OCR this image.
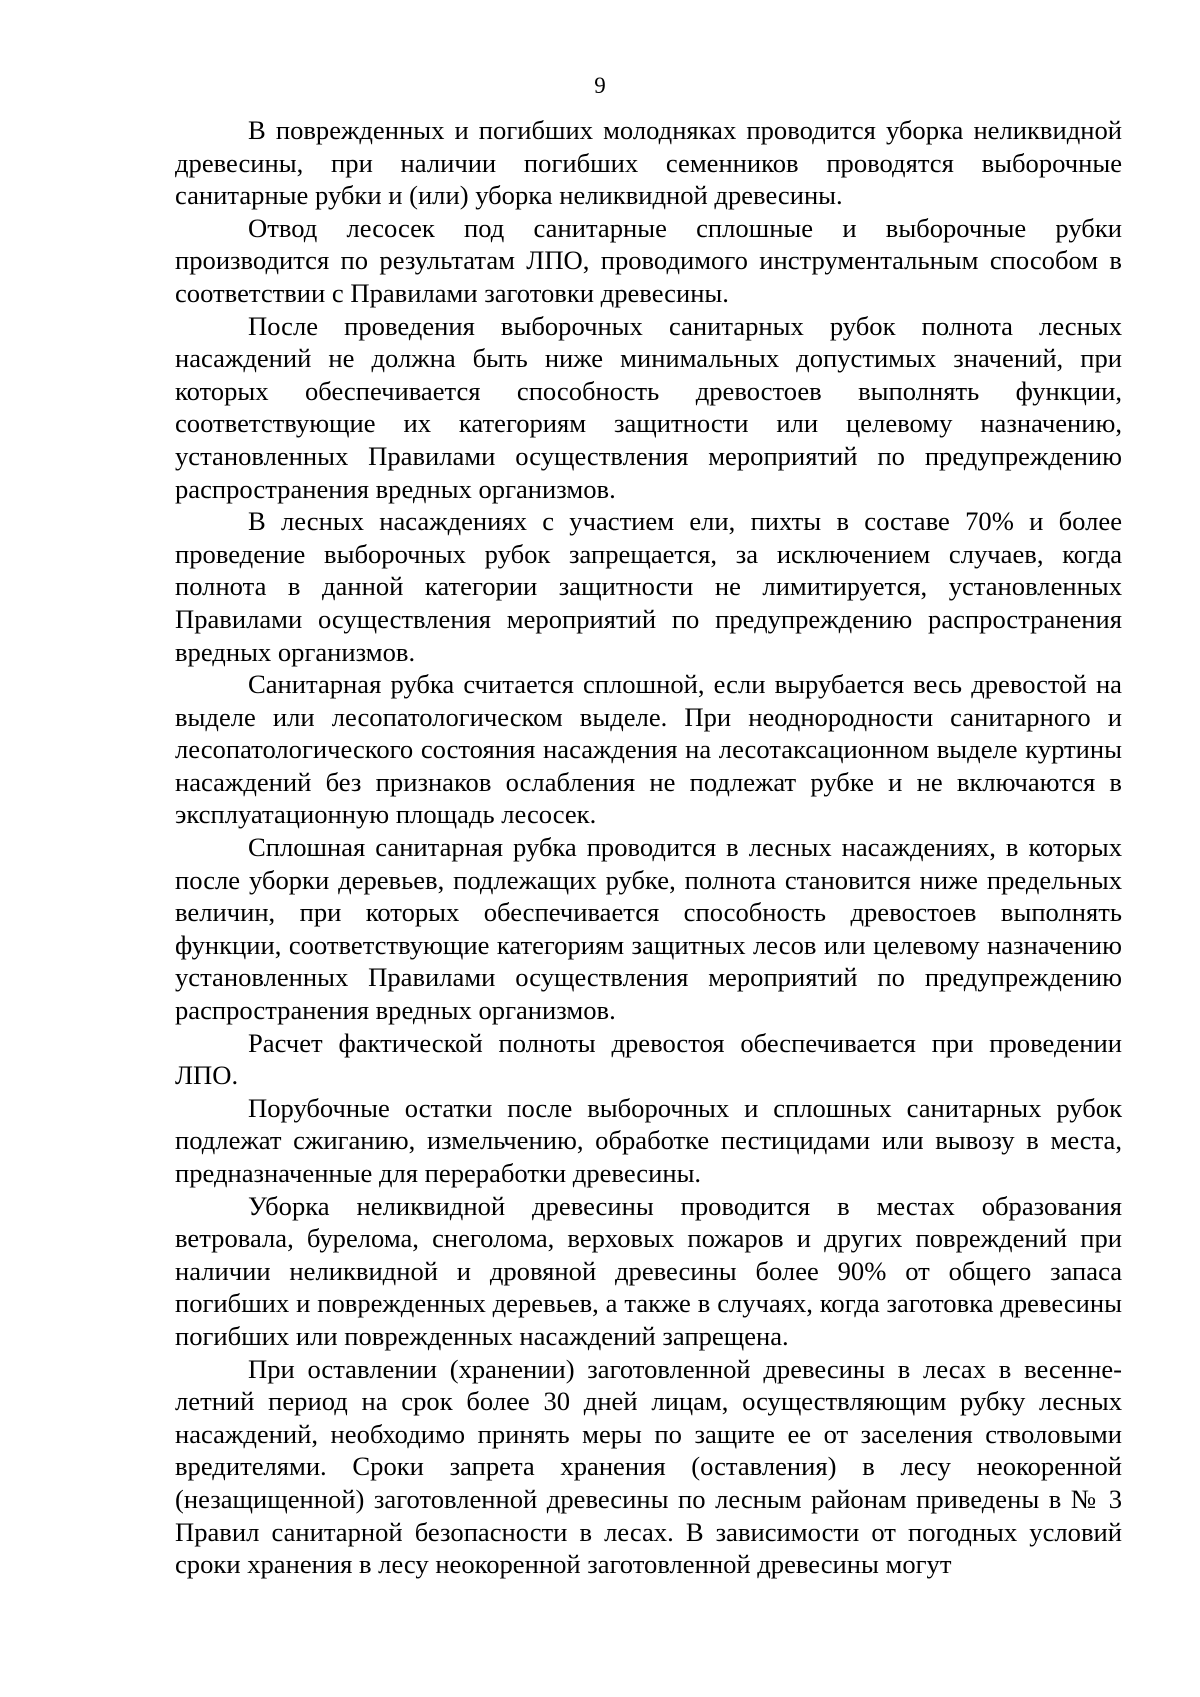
9

В поврежденных и погибших молодняках проводится уборка неликвидной древесины, при наличии погибших семенников проводятся выборочные санитарные рубки и (или) уборка неликвидной древесины.

Отвод лесосек под санитарные сплошные и выборочные рубки производится по результатам ЛПО, проводимого инструментальным способом в соответствии с Правилами заготовки древесины.

После проведения выборочных санитарных рубок полнота лесных насаждений не должна быть ниже минимальных допустимых значений, при которых обеспечивается способность древостоев выполнять функции, соответствующие их категориям защитности или целевому назначению, установленных Правилами осуществления мероприятий по предупреждению распространения вредных организмов.

В лесных насаждениях с участием ели, пихты в составе 70% и более проведение выборочных рубок запрещается, за исключением случаев, когда полнота в данной категории защитности не лимитируется, установленных Правилами осуществления мероприятий по предупреждению распространения вредных организмов.

Санитарная рубка считается сплошной, если вырубается весь древостой на выделе или лесопатологическом выделе. При неоднородности санитарного и лесопатологического состояния насаждения на лесотаксационном выделе куртины насаждений без признаков ослабления не подлежат рубке и не включаются в эксплуатационную площадь лесосек.

Сплошная санитарная рубка проводится в лесных насаждениях, в которых после уборки деревьев, подлежащих рубке, полнота становится ниже предельных величин, при которых обеспечивается способность древостоев выполнять функции, соответствующие категориям защитных лесов или целевому назначению установленных Правилами осуществления мероприятий по предупреждению распространения вредных организмов.

Расчет фактической полноты древостоя обеспечивается при проведении ЛПО.

Порубочные остатки после выборочных и сплошных санитарных рубок подлежат сжиганию, измельчению, обработке пестицидами или вывозу в места, предназначенные для переработки древесины.

Уборка неликвидной древесины проводится в местах образования ветровала, бурелома, снеголома, верховых пожаров и других повреждений при наличии неликвидной и дровяной древесины более 90% от общего запаса погибших и поврежденных деревьев, а также в случаях, когда заготовка древесины погибших или поврежденных насаждений запрещена.

При оставлении (хранении) заготовленной древесины в лесах в весенне-летний период на срок более 30 дней лицам, осуществляющим рубку лесных насаждений, необходимо принять меры по защите ее от заселения стволовыми вредителями. Сроки запрета хранения (оставления) в лесу неокоренной (незащищенной) заготовленной древесины по лесным районам приведены в № 3 Правил санитарной безопасности в лесах. В зависимости от погодных условий сроки хранения в лесу неокоренной заготовленной древесины могут
